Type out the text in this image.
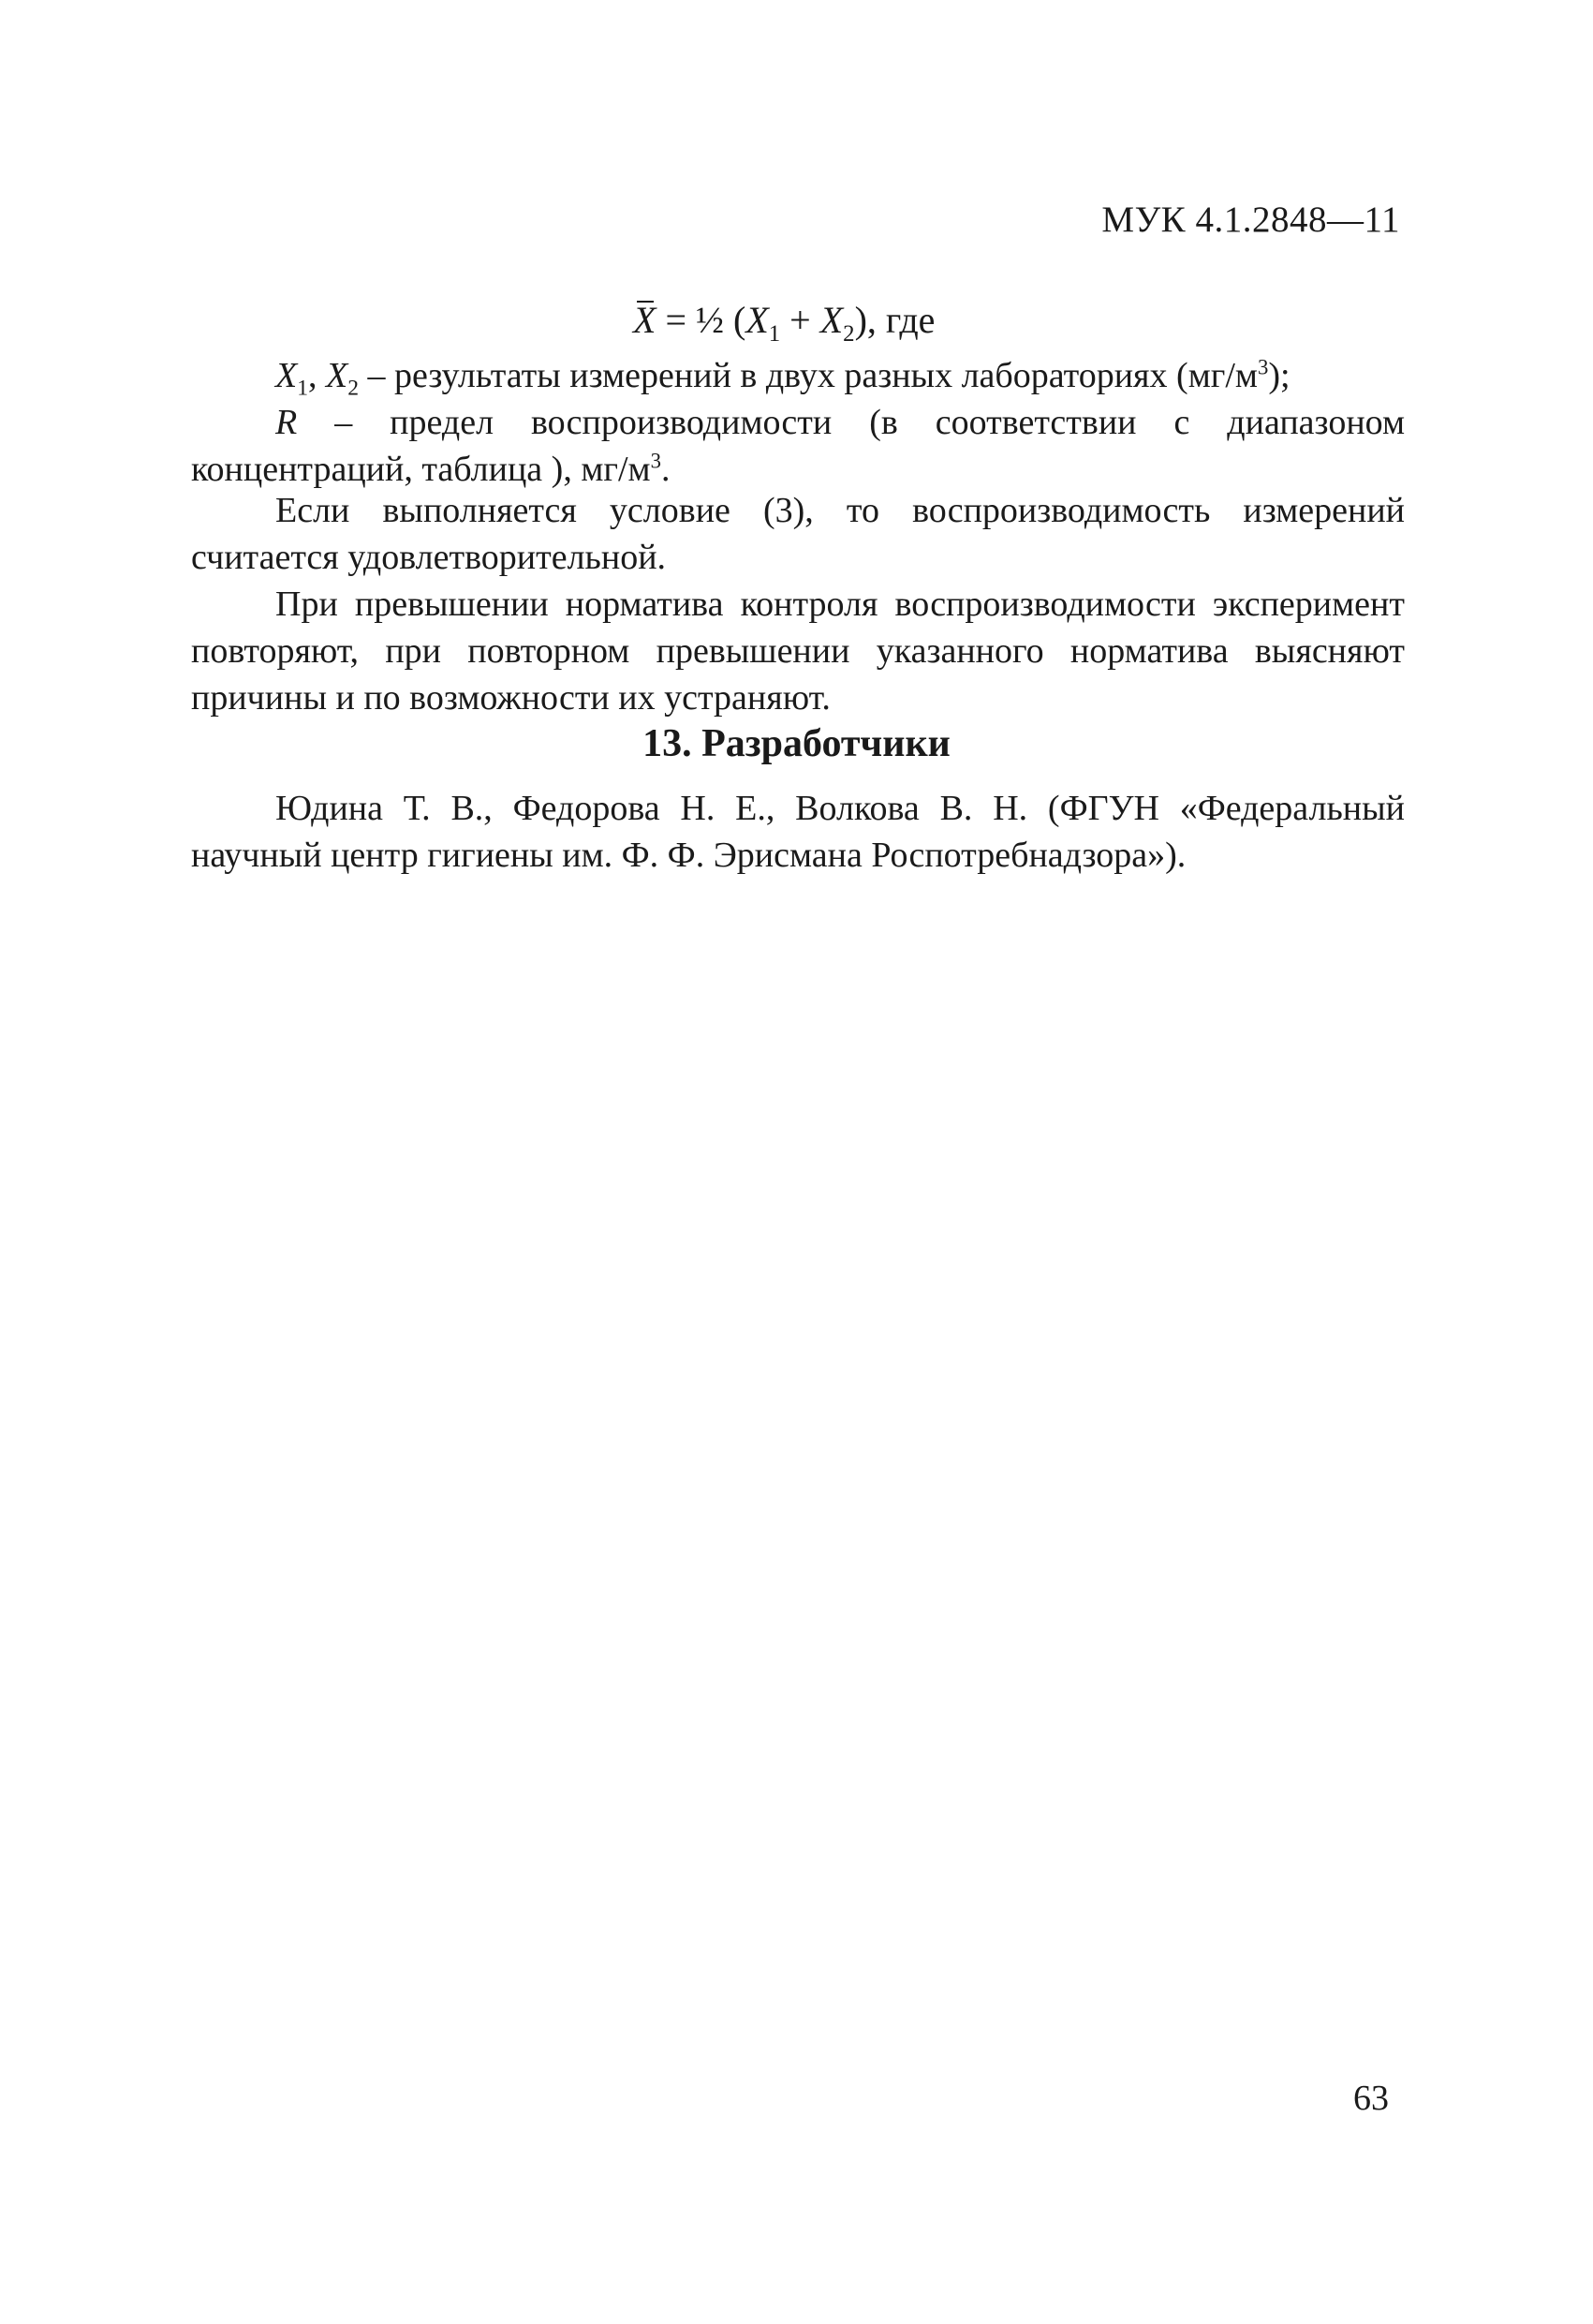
МУК 4.1.2848—11
X = ½ $(X_1 + X_2)$, где

$X_1$, $X_2$ – результаты измерений в двух разных лабораториях $(мг/м^3)$;

R – предел воспроизводимости (в соответствии с диапазоном концентраций, таблица ), $мг/м^3$.

Если выполняется условие (3), то воспроизводимость измерений считается удовлетворительной.

При превышении норматива контроля воспроизводимости эксперимент повторяют, при повторном превышении указанного норматива выясняют причины и по возможности их устраняют.

13. Разработчики

Юдина Т. В., Федорова Н. Е., Волкова В. Н. (ФГУН «Федеральный научный центр гигиены им. Ф. Ф. Эрисмана Роспотребнадзора»).

63
